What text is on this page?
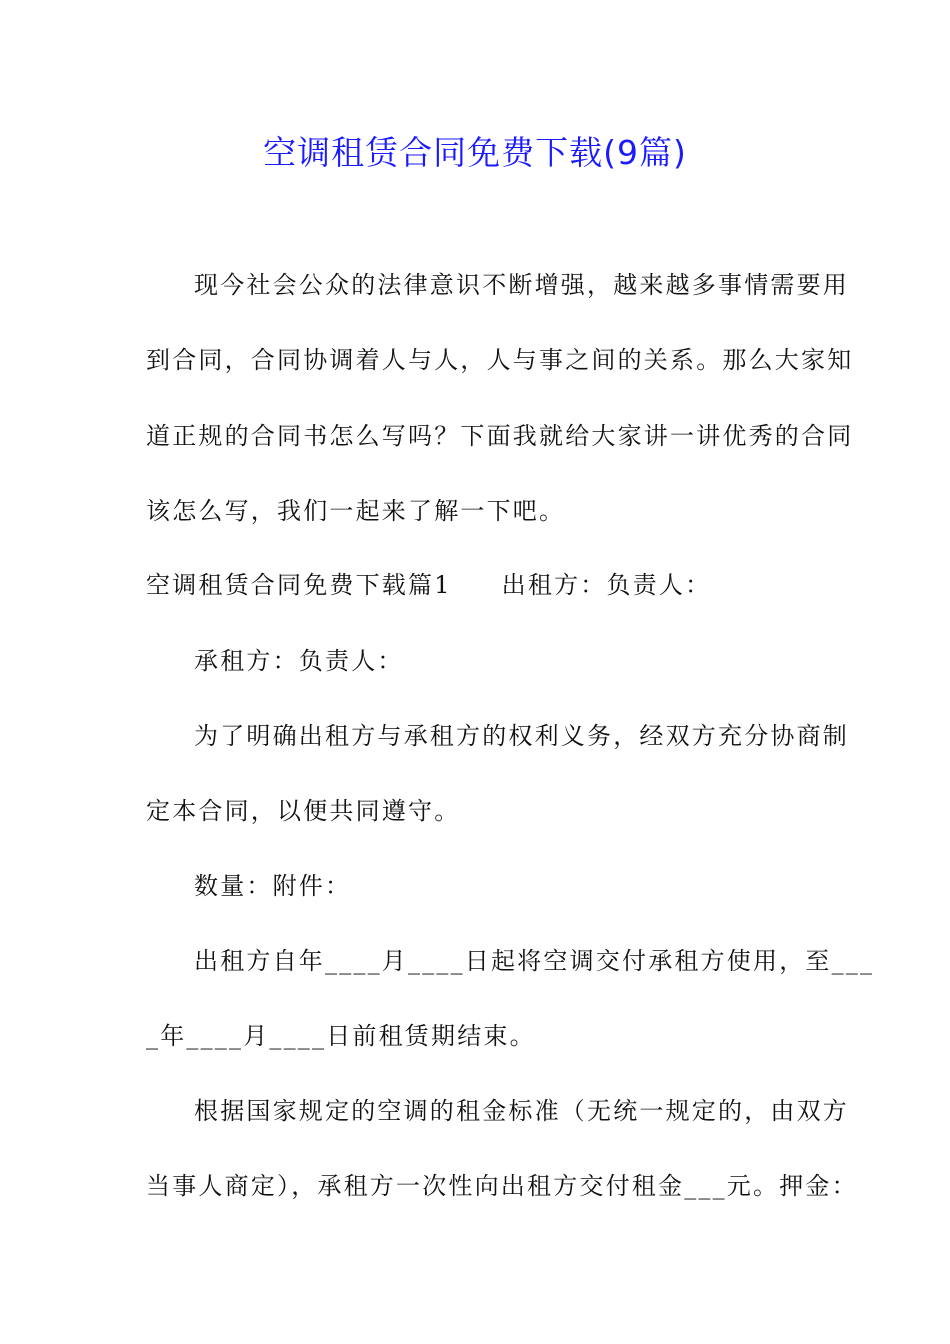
空调租赁合同免费下载(9篇)
现今社会公众的法律意识不断增强，越来越多事情需要用
到合同，合同协调着人与人，人与事之间的关系。那么大家知
道正规的合同书怎么写吗？下面我就给大家讲一讲优秀的合同
该怎么写，我们一起来了解一下吧。
空调租赁合同免费下载篇1 出租方：负责人：
承租方：负责人：
为了明确出租方与承租方的权利义务，经双方充分协商制
定本合同，以便共同遵守。
数量：附件：
出租方自年____月____日起将空调交付承租方使用，至___
_年____月____日前租赁期结束。
根据国家规定的空调的租金标准（无统一规定的，由双方
当事人商定），承租方一次性向出租方交付租金___元。押金：
